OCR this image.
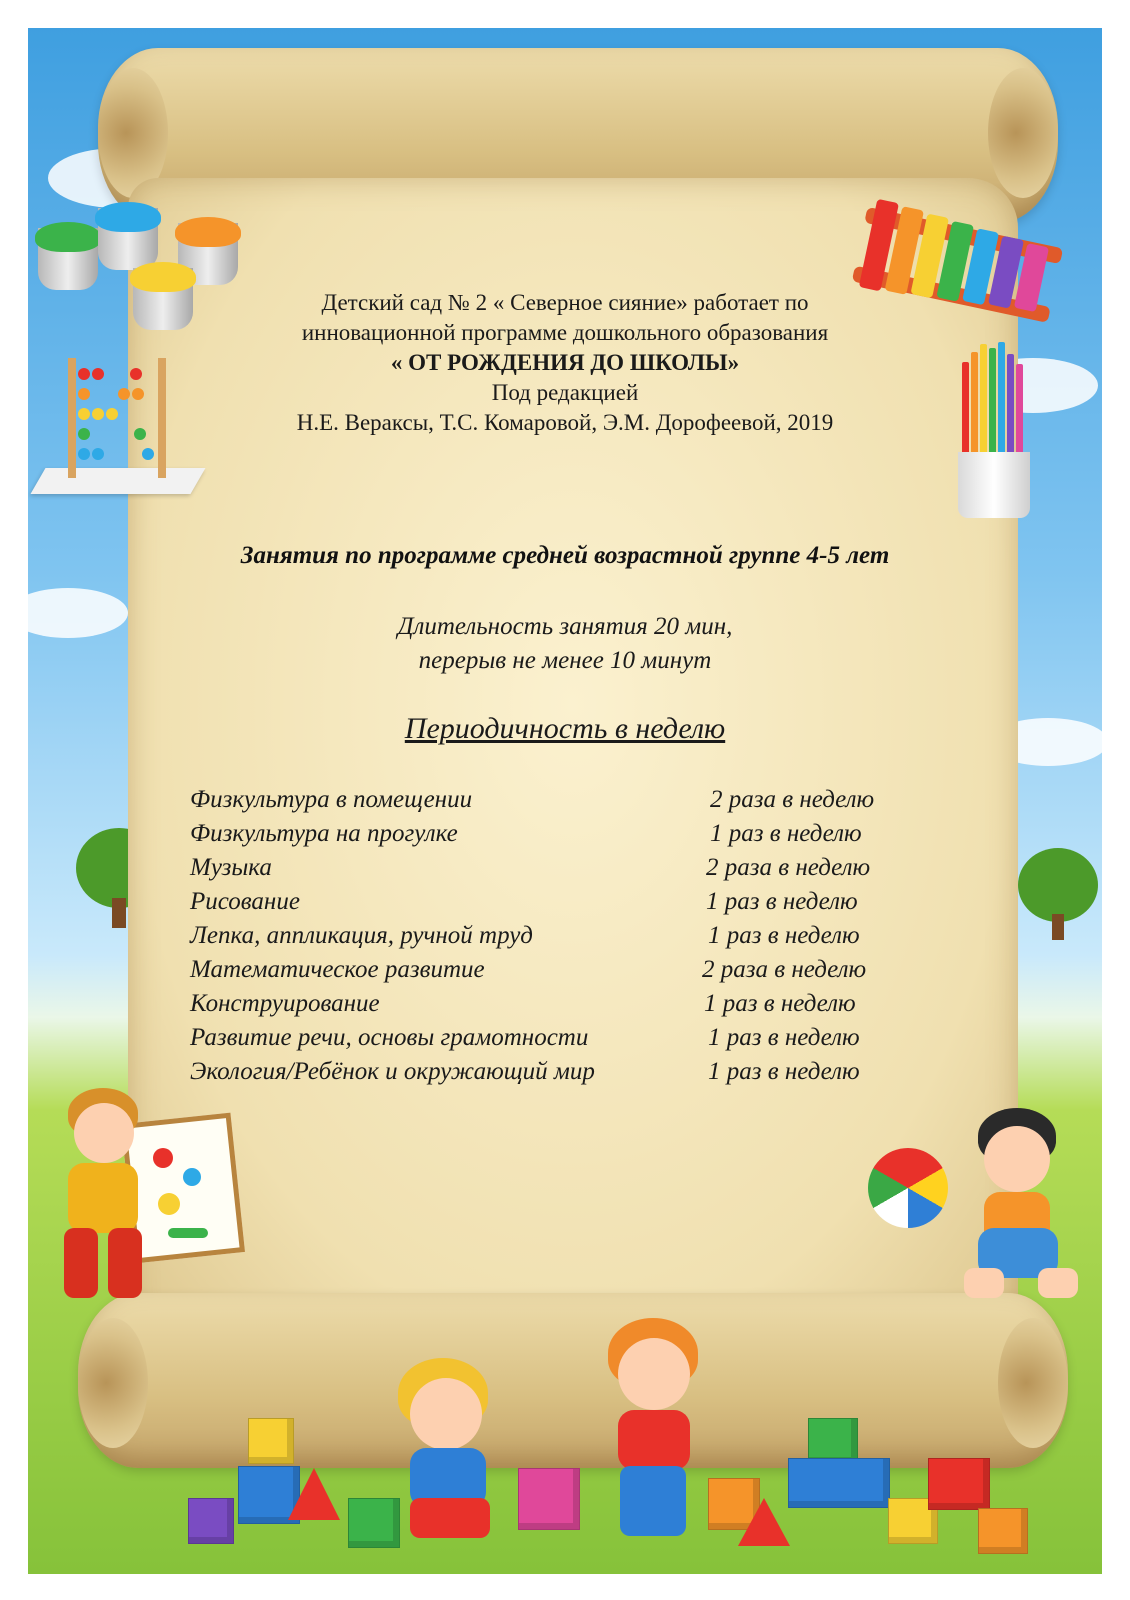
Детский сад № 2 « Северное сияние» работает по
инновационной программе дошкольного образования
« ОТ РОЖДЕНИЯ ДО ШКОЛЫ»
Под редакцией
Н.Е. Вераксы, Т.С. Комаровой, Э.М. Дорофеевой, 2019
Занятия по программе средней возрастной группе 4-5 лет
Длительность занятия 20 мин,
перерыв не менее 10 минут
Периодичность в неделю
Физкультура в помещении	2 раза в неделю
Физкультура на прогулке	1 раз в неделю
Музыка	2 раза в неделю
Рисование	1 раз в неделю
Лепка, аппликация, ручной труд	1 раз в неделю
Математическое развитие	2 раза в неделю
Конструирование	1 раз в неделю
Развитие речи, основы грамотности	1 раз в неделю
Экология/Ребёнок и окружающий мир	1 раз в неделю
